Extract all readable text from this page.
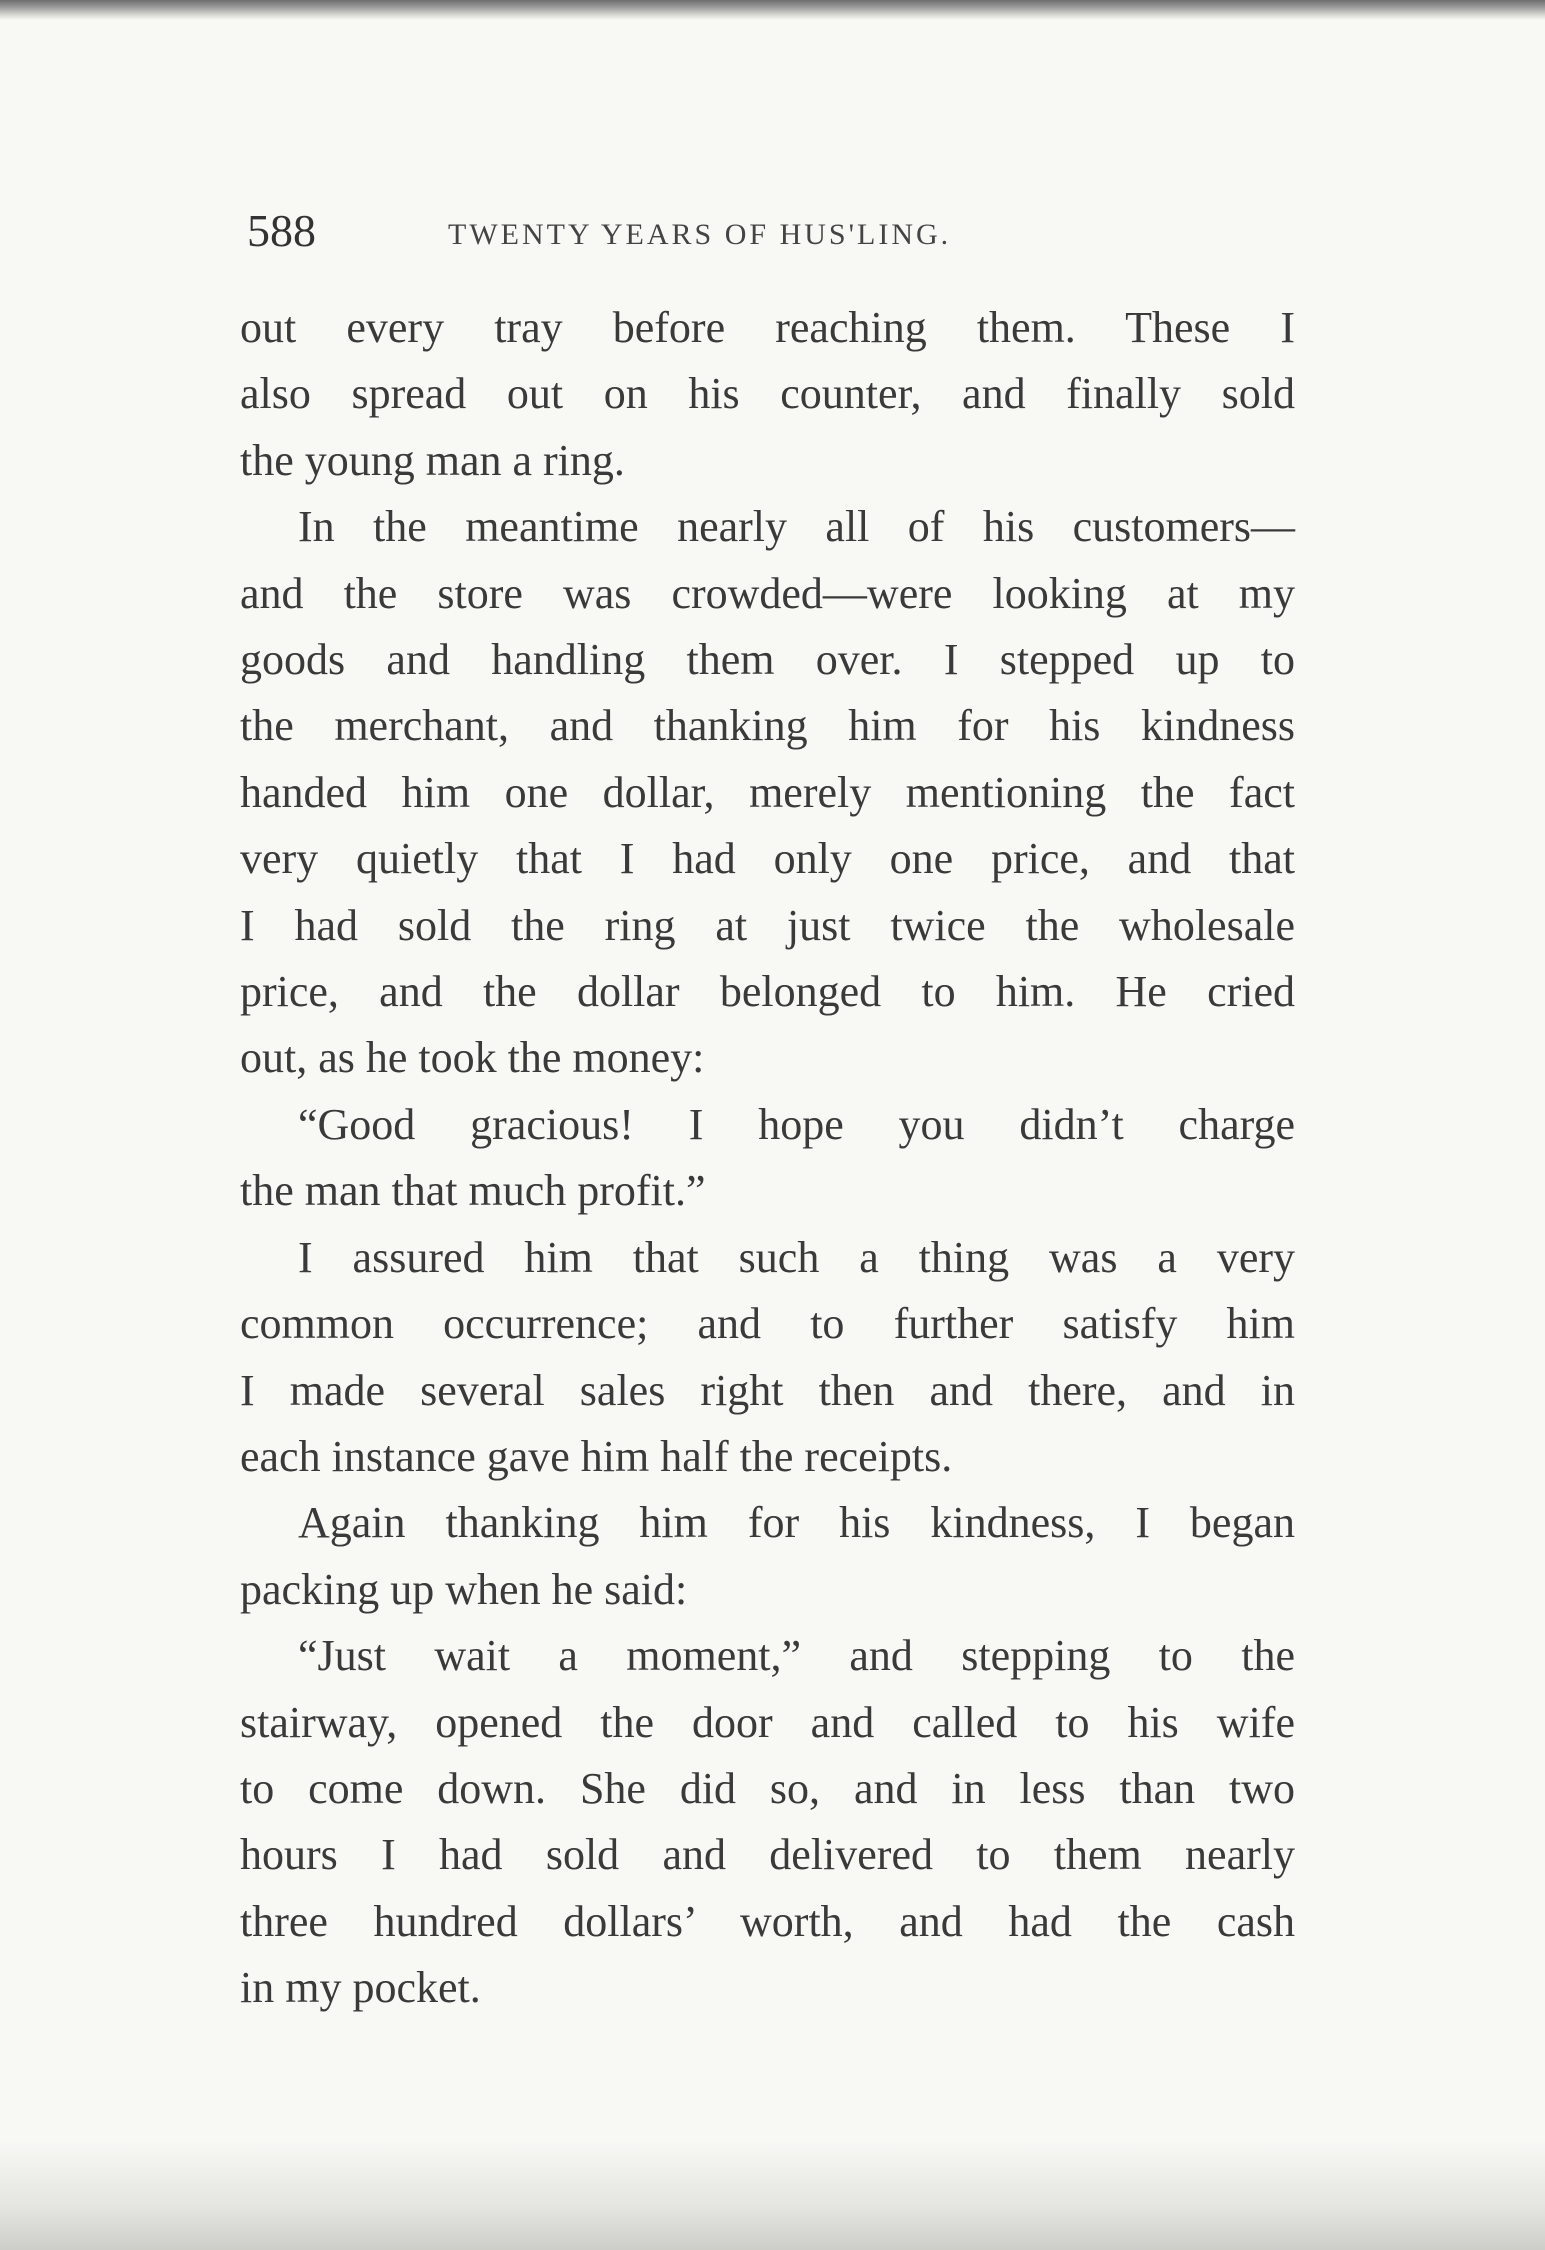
588	TWENTY YEARS OF HUS'LING.
out every tray before reaching them. These I
also spread out on his counter, and finally sold
the young man a ring.
In the meantime nearly all of his customers—
and the store was crowded—were looking at my
goods and handling them over. I stepped up to
the merchant, and thanking him for his kindness
handed him one dollar, merely mentioning the fact
very quietly that I had only one price, and that
I had sold the ring at just twice the wholesale
price, and the dollar belonged to him. He cried
out, as he took the money:
“Good gracious! I hope you didn’t charge
the man that much profit.”
I assured him that such a thing was a very
common occurrence; and to further satisfy him
I made several sales right then and there, and in
each instance gave him half the receipts.
Again thanking him for his kindness, I began
packing up when he said:
“Just wait a moment,” and stepping to the
stairway, opened the door and called to his wife
to come down. She did so, and in less than two
hours I had sold and delivered to them nearly
three hundred dollars’ worth, and had the cash
in my pocket.
